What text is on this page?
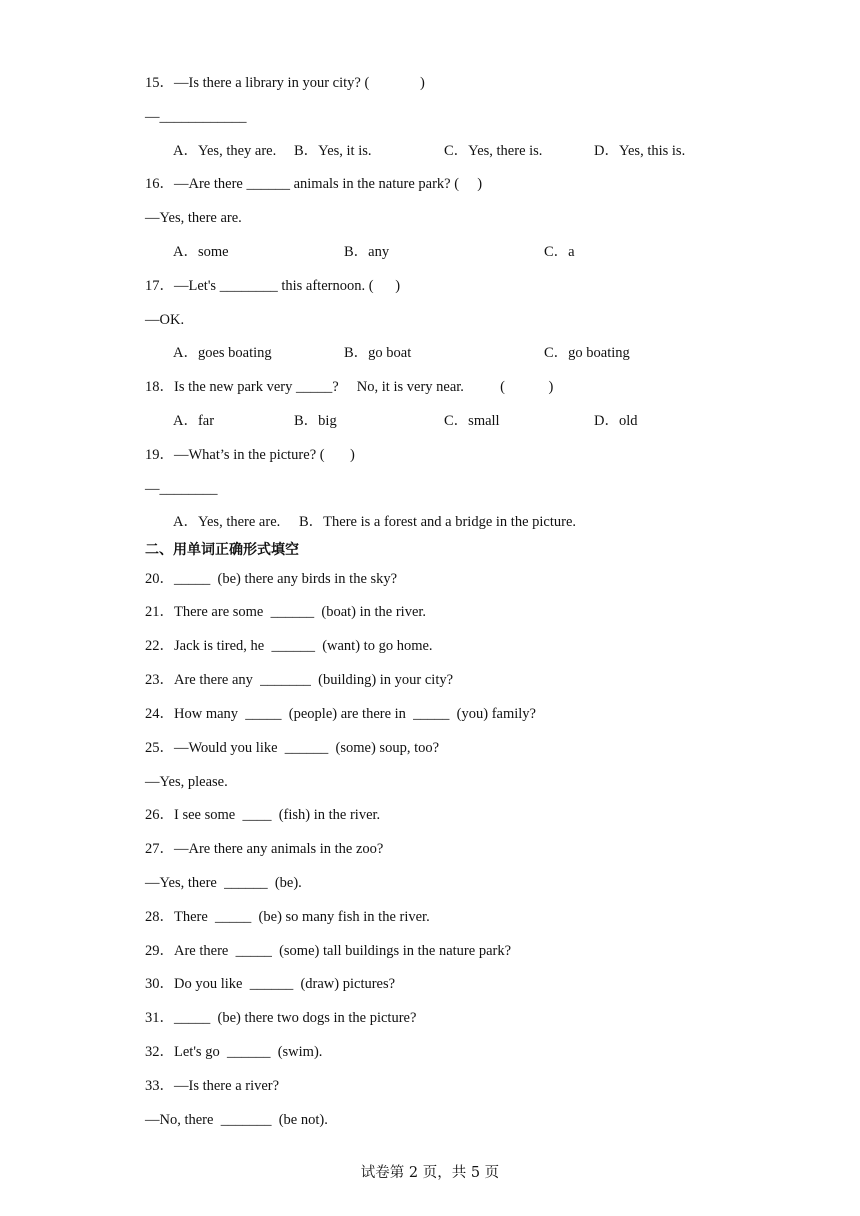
15．—Is there a library in your city? (              )
—____________
A．Yes, they are. B．Yes, it is.	C．Yes, there is.	D．Yes, this is.
16．—Are there ______ animals in the nature park? (     )
—Yes, there are.
A．some	B．any	C．a
17．—Let's ________ this afternoon. (      )
—OK.
A．goes boating	B．go boat	C．go boating
18．Is the new park very _____?     No, it is very near.          (            )
A．far	B．big	C．small	D．old
19．—What’s in the picture? (       )
—________
A．Yes, there are. B．There is a forest and a bridge in the picture.
二、用单词正确形式填空
20．_____  (be) there any birds in the sky?
21．There are some  ______  (boat) in the river.
22．Jack is tired, he  ______  (want) to go home.
23．Are there any  _______  (building) in your city?
24．How many  _____  (people) are there in  _____  (you) family?
25．—Would you like  ______  (some) soup, too?
—Yes, please.
26．I see some  ____  (fish) in the river.
27．—Are there any animals in the zoo?
—Yes, there  ______  (be).
28．There  _____  (be) so many fish in the river.
29．Are there  _____  (some) tall buildings in the nature park?
30．Do you like  ______  (draw) pictures?
31．_____  (be) there two dogs in the picture?
32．Let's go  ______  (swim).
33．—Is there a river?
—No, there  _______  (be not).
试卷第 2 页，共 5 页
